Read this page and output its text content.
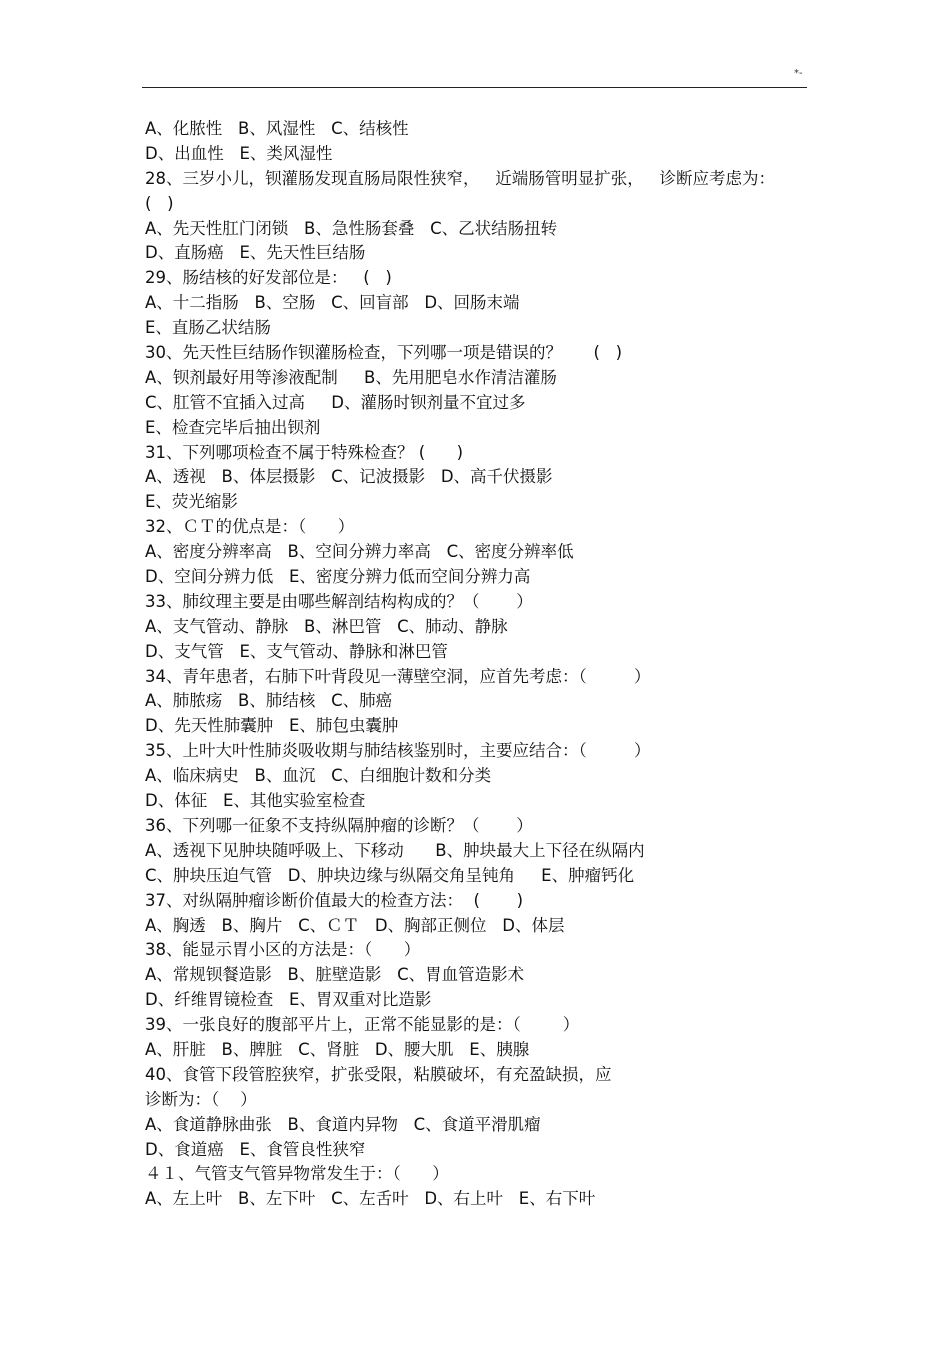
*-
A、化脓性   B、风湿性   C、结核性
D、出血性   E、类风湿性
28、三岁小儿，钡灌肠发现直肠局限性狭窄，   近端肠管明显扩张，   诊断应考虑为：
(   )
A、先天性肛门闭锁   B、急性肠套叠   C、乙状结肠扭转
D、直肠癌   E、先天性巨结肠
29、肠结核的好发部位是：   (   )
A、十二指肠   B、空肠   C、回盲部   D、回肠末端
E、直肠乙状结肠
30、先天性巨结肠作钡灌肠检查，下列哪一项是错误的？      (   )
A、钡剂最好用等渗液配制     B、先用肥皂水作清洁灌肠
C、肛管不宜插入过高     D、灌肠时钡剂量不宜过多
E、检查完毕后抽出钡剂
31、下列哪项检查不属于特殊检查？ (      )
A、透视   B、体层摄影   C、记波摄影   D、高千伏摄影
E、荧光缩影
32、ＣＴ的优点是：（      ）
A、密度分辨率高   B、空间分辨力率高   C、密度分辨率低
D、空间分辨力低   E、密度分辨力低而空间分辨力高
33、肺纹理主要是由哪些解剖结构构成的？（       ）
A、支气管动、静脉   B、淋巴管   C、肺动、静脉
D、支气管   E、支气管动、静脉和淋巴管
34、青年患者，右肺下叶背段见一薄壁空洞，应首先考虑：（         ）
A、肺脓疡   B、肺结核   C、肺癌
D、先天性肺囊肿   E、肺包虫囊肿
35、上叶大叶性肺炎吸收期与肺结核鉴别时，主要应结合：（         ）
A、临床病史   B、血沉   C、白细胞计数和分类
D、体征   E、其他实验室检查
36、下列哪一征象不支持纵隔肿瘤的诊断？（       ）
A、透视下见肿块随呼吸上、下移动      B、肿块最大上下径在纵隔内
C、肿块压迫气管   D、肿块边缘与纵隔交角呈钝角     E、肿瘤钙化
37、对纵隔肿瘤诊断价值最大的检查方法：  (       )
A、胸透   B、胸片   C、ＣＴ   D、胸部正侧位   D、体层
38、能显示胃小区的方法是：（      ）
A、常规钡餐造影   B、脏壁造影   C、胃血管造影术
D、纤维胃镜检查   E、胃双重对比造影
39、一张良好的腹部平片上，正常不能显影的是：（        ）
A、肝脏   B、脾脏   C、肾脏   D、腰大肌   E、胰腺
40、食管下段管腔狭窄，扩张受限，粘膜破坏，有充盈缺损，应
诊断为：（    ）
A、食道静脉曲张   B、食道内异物   C、食道平滑肌瘤
D、食道癌   E、食管良性狭窄
４１、气管支气管异物常发生于：（      ）
A、左上叶   B、左下叶   C、左舌叶   D、右上叶   E、右下叶
